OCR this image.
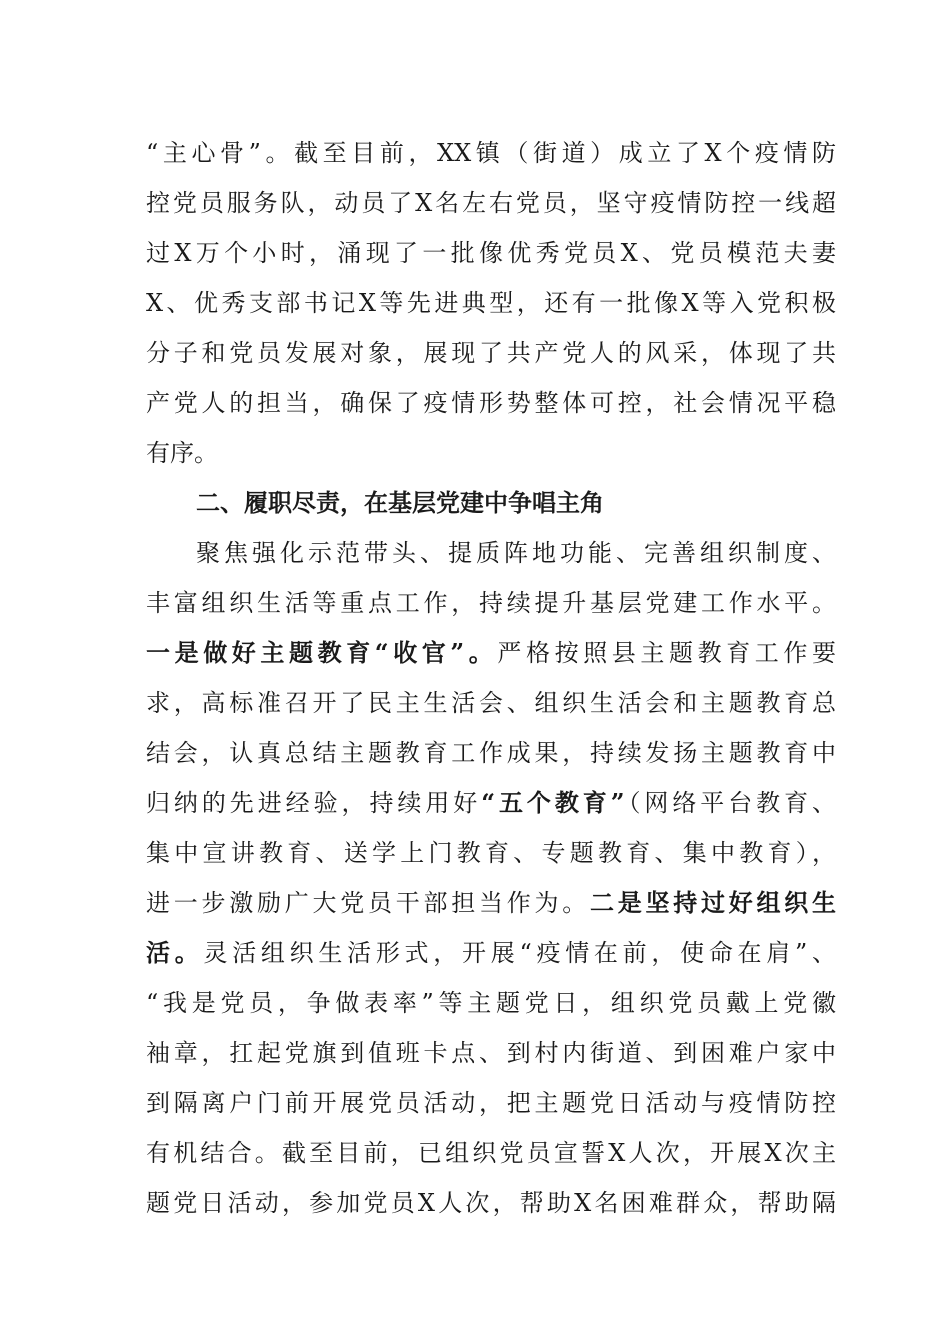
“主心骨”。截至目前，XX镇（街道）成立了X个疫情防
控党员服务队，动员了X名左右党员，坚守疫情防控一线超
过X万个小时，涌现了一批像优秀党员X、党员模范夫妻
X、优秀支部书记X等先进典型，还有一批像X等入党积极
分子和党员发展对象，展现了共产党人的风采，体现了共
产党人的担当，确保了疫情形势整体可控，社会情况平稳
有序。
二、履职尽责，在基层党建中争唱主角
聚焦强化示范带头、提质阵地功能、完善组织制度、
丰富组织生活等重点工作，持续提升基层党建工作水平。
一是做好主题教育“收官”。严格按照县主题教育工作要
求，高标准召开了民主生活会、组织生活会和主题教育总
结会，认真总结主题教育工作成果，持续发扬主题教育中
归纳的先进经验，持续用好“五个教育”（网络平台教育、
集中宣讲教育、送学上门教育、专题教育、集中教育），
进一步激励广大党员干部担当作为。二是坚持过好组织生
活。灵活组织生活形式，开展“疫情在前，使命在肩”、
“我是党员，争做表率”等主题党日，组织党员戴上党徽
袖章，扛起党旗到值班卡点、到村内街道、到困难户家中
到隔离户门前开展党员活动，把主题党日活动与疫情防控
有机结合。截至目前，已组织党员宣誓X人次，开展X次主
题党日活动，参加党员X人次，帮助X名困难群众，帮助隔
